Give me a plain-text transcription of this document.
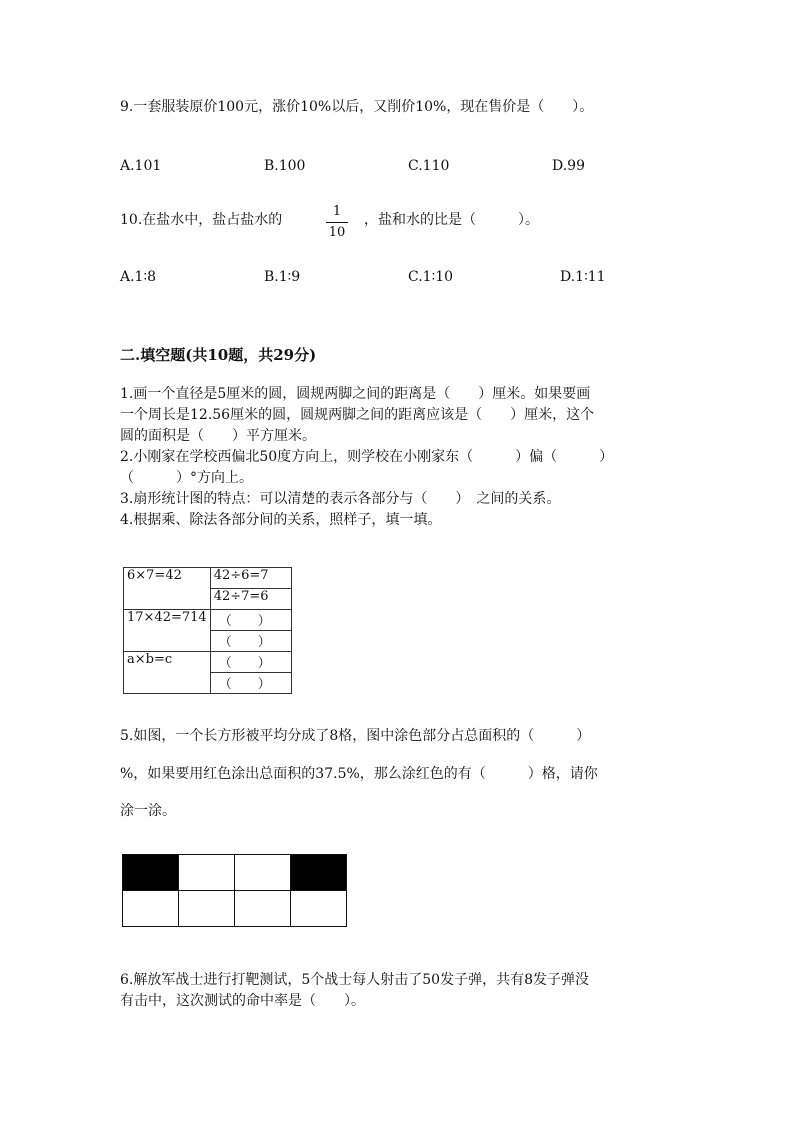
9.一套服装原价100元，涨价10%以后，又削价10%，现在售价是（　　）。
A.101	B.100	C.110	D.99
10.在盐水中，盐占盐水的
1
10
，盐和水的比是（　　　）。
A.1∶8	B.1∶9	C.1∶10	D.1∶11
二.填空题(共10题，共29分)
1.画一个直径是5厘米的圆，圆规两脚之间的距离是（　　）厘米。如果要画
一个周长是12.56厘米的圆，圆规两脚之间的距离应该是（　　）厘米，这个
圆的面积是（　　）平方厘米。
2.小刚家在学校西偏北50度方向上，则学校在小刚家东（　　　）偏（　　　）
（　　　）°方向上。
3.扇形统计图的特点：可以清楚的表示各部分与（　　）　之间的关系。
4.根据乘、除法各部分间的关系，照样子，填一填。
6×7=42	42÷6=7
	42÷7=6
17×42=714	（　　）
	（　　）
a×b=c	（　　）
	（　　）
5.如图，一个长方形被平均分成了8格，图中涂色部分占总面积的（　　　）
%，如果要用红色涂出总面积的37.5%，那么涂红色的有（　　　）格，请你
涂一涂。

6.解放军战士进行打靶测试，5个战士每人射击了50发子弹，共有8发子弹没
有击中，这次测试的命中率是（　　）。
